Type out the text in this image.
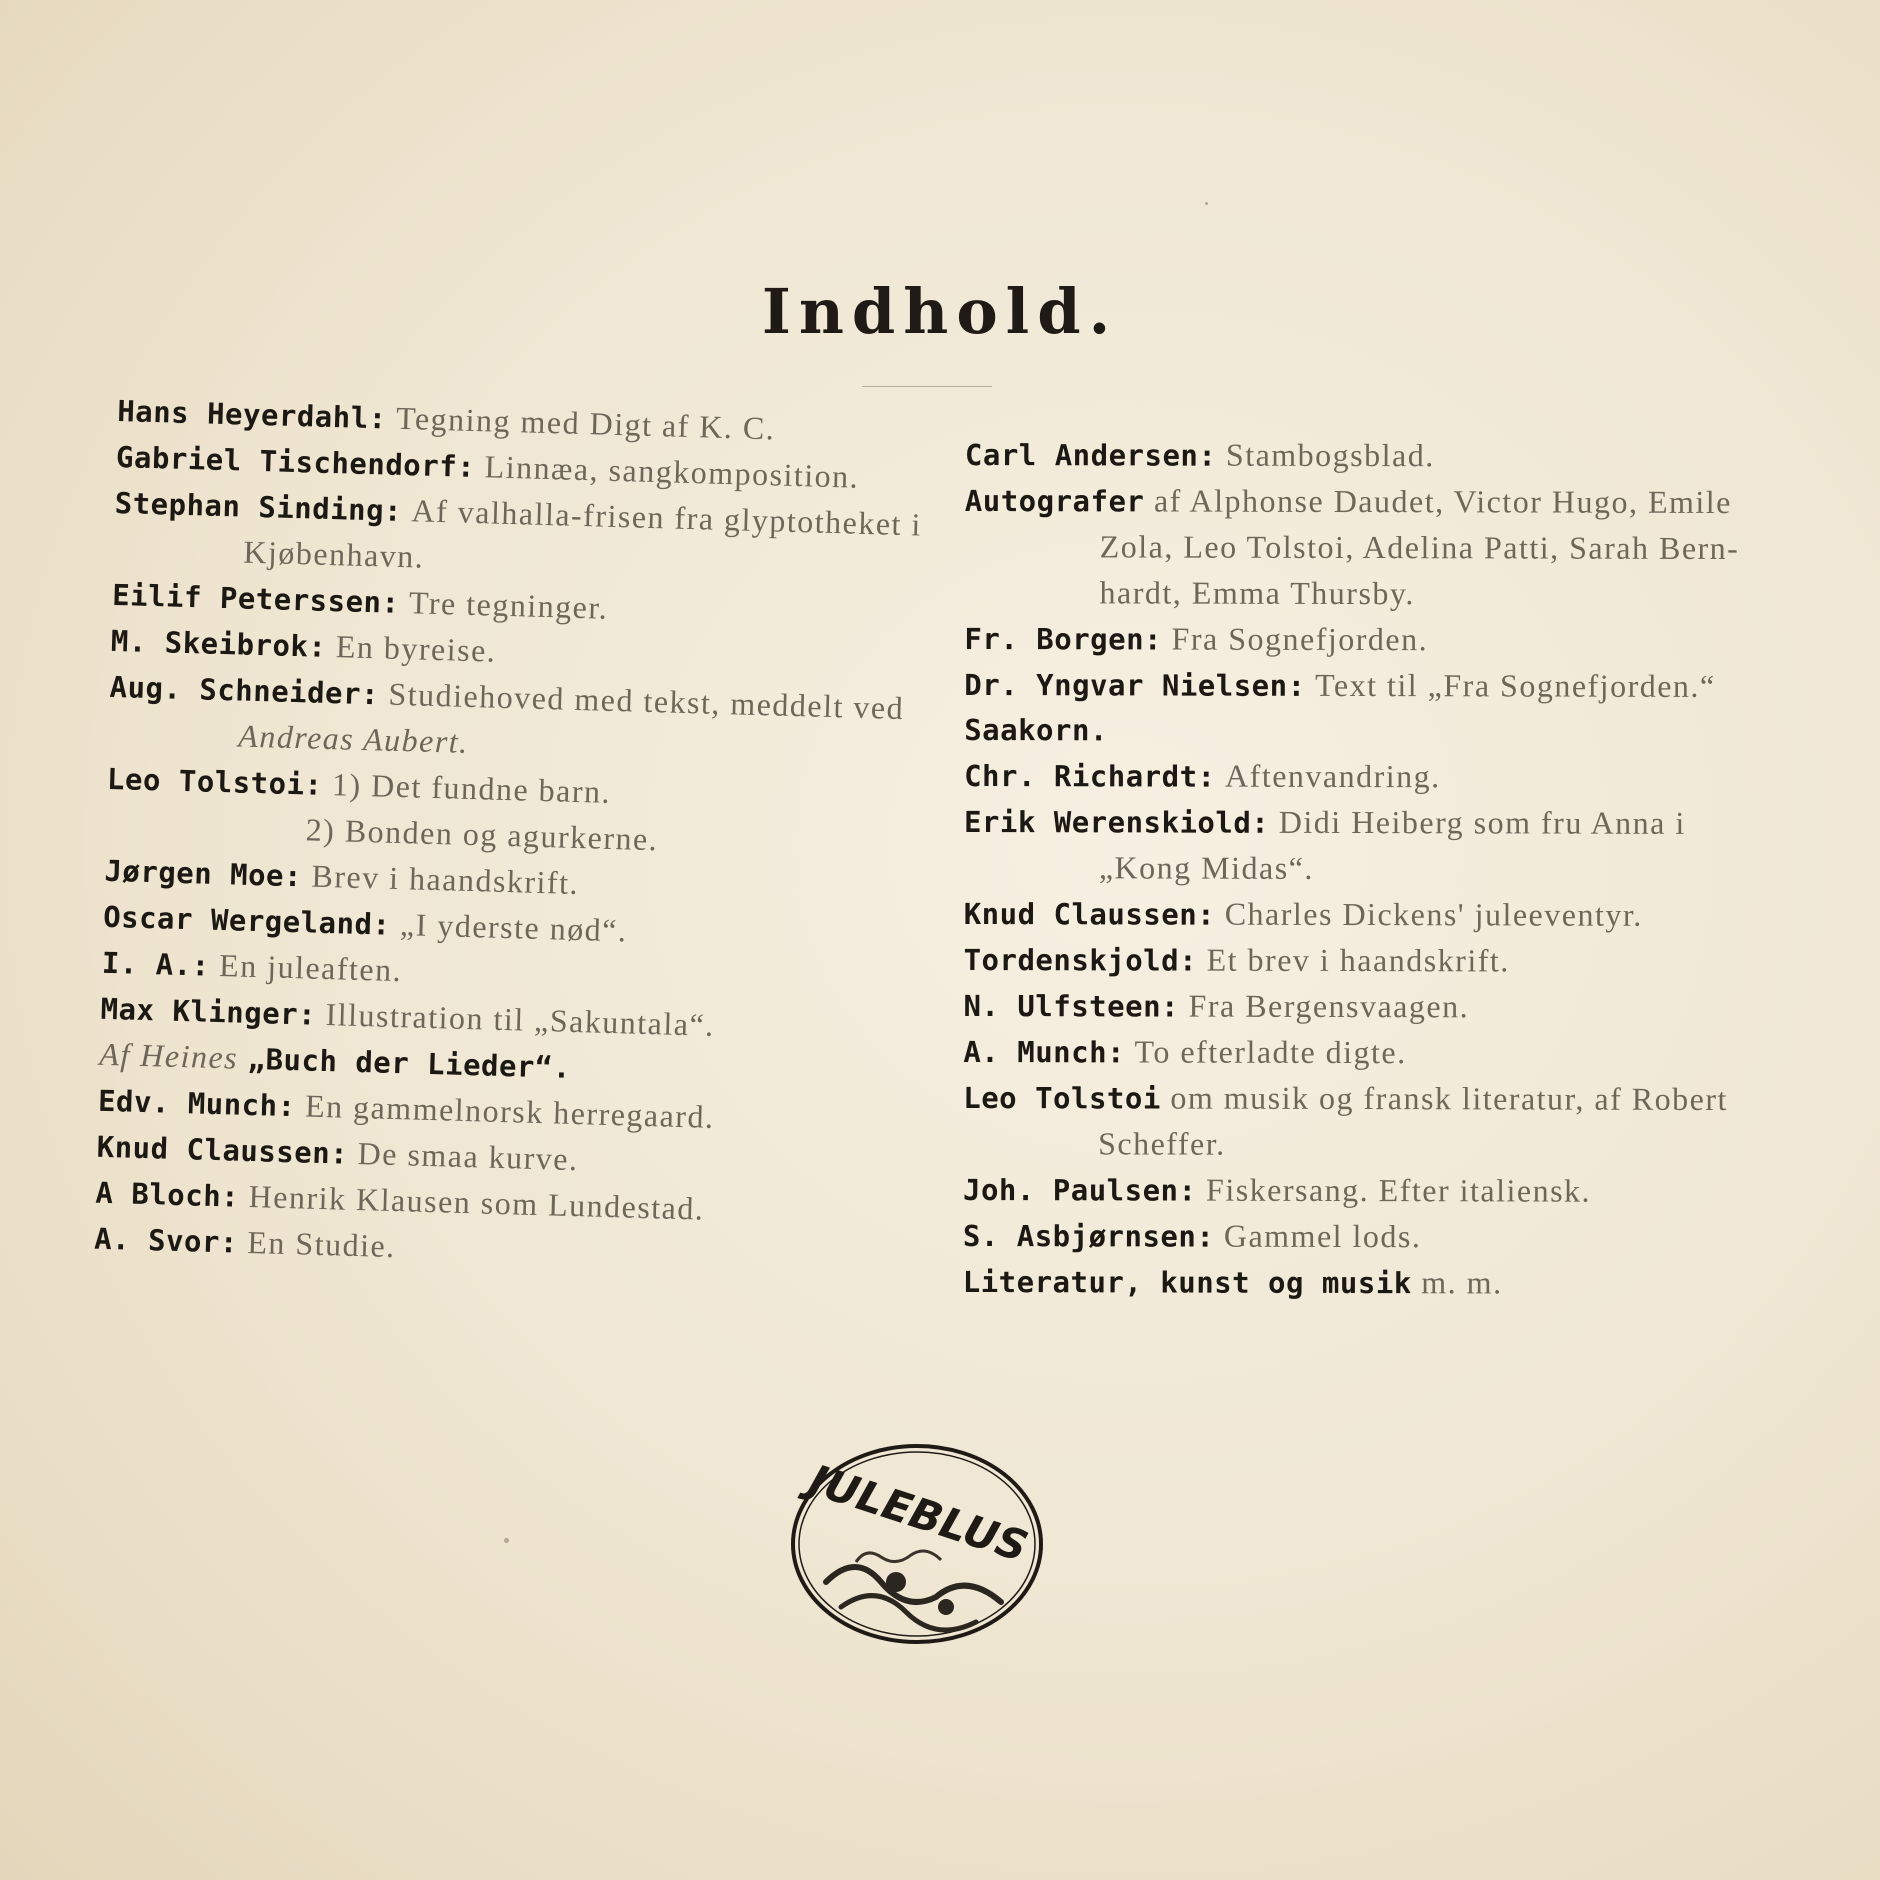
Indhold.
Hans Heyerdahl: Tegning med Digt af K. C.
Gabriel Tischendorf: Linnæa, sangkomposition.
Stephan Sinding: Af valhalla-frisen fra glyptotheket i
Kjøbenhavn.
Eilif Peterssen: Tre tegninger.
M. Skeibrok: En byreise.
Aug. Schneider: Studiehoved med tekst, meddelt ved
Andreas Aubert.
Leo Tolstoi: 1) Det fundne barn.
2) Bonden og agurkerne.
Jørgen Moe: Brev i haandskrift.
Oscar Wergeland: „I yderste nød“.
I. A.: En juleaften.
Max Klinger: Illustration til „Sakuntala“.
Af Heines „Buch der Lieder“.
Edv. Munch: En gammelnorsk herregaard.
Knud Claussen: De smaa kurve.
A Bloch: Henrik Klausen som Lundestad.
A. Svor: En Studie.
Carl Andersen: Stambogsblad.
Autografer af Alphonse Daudet, Victor Hugo, Emile
Zola, Leo Tolstoi, Adelina Patti, Sarah Bern-
hardt, Emma Thursby.
Fr. Borgen: Fra Sognefjorden.
Dr. Yngvar Nielsen: Text til „Fra Sognefjorden.“
Saakorn.
Chr. Richardt: Aftenvandring.
Erik Werenskiold: Didi Heiberg som fru Anna i
„Kong Midas“.
Knud Claussen: Charles Dickens' juleeventyr.
Tordenskjold: Et brev i haandskrift.
N. Ulfsteen: Fra Bergensvaagen.
A. Munch: To efterladte digte.
Leo Tolstoi om musik og fransk literatur, af Robert
Scheffer.
Joh. Paulsen: Fiskersang. Efter italiensk.
S. Asbjørnsen: Gammel lods.
Literatur, kunst og musik m. m.
JULEBLUS
